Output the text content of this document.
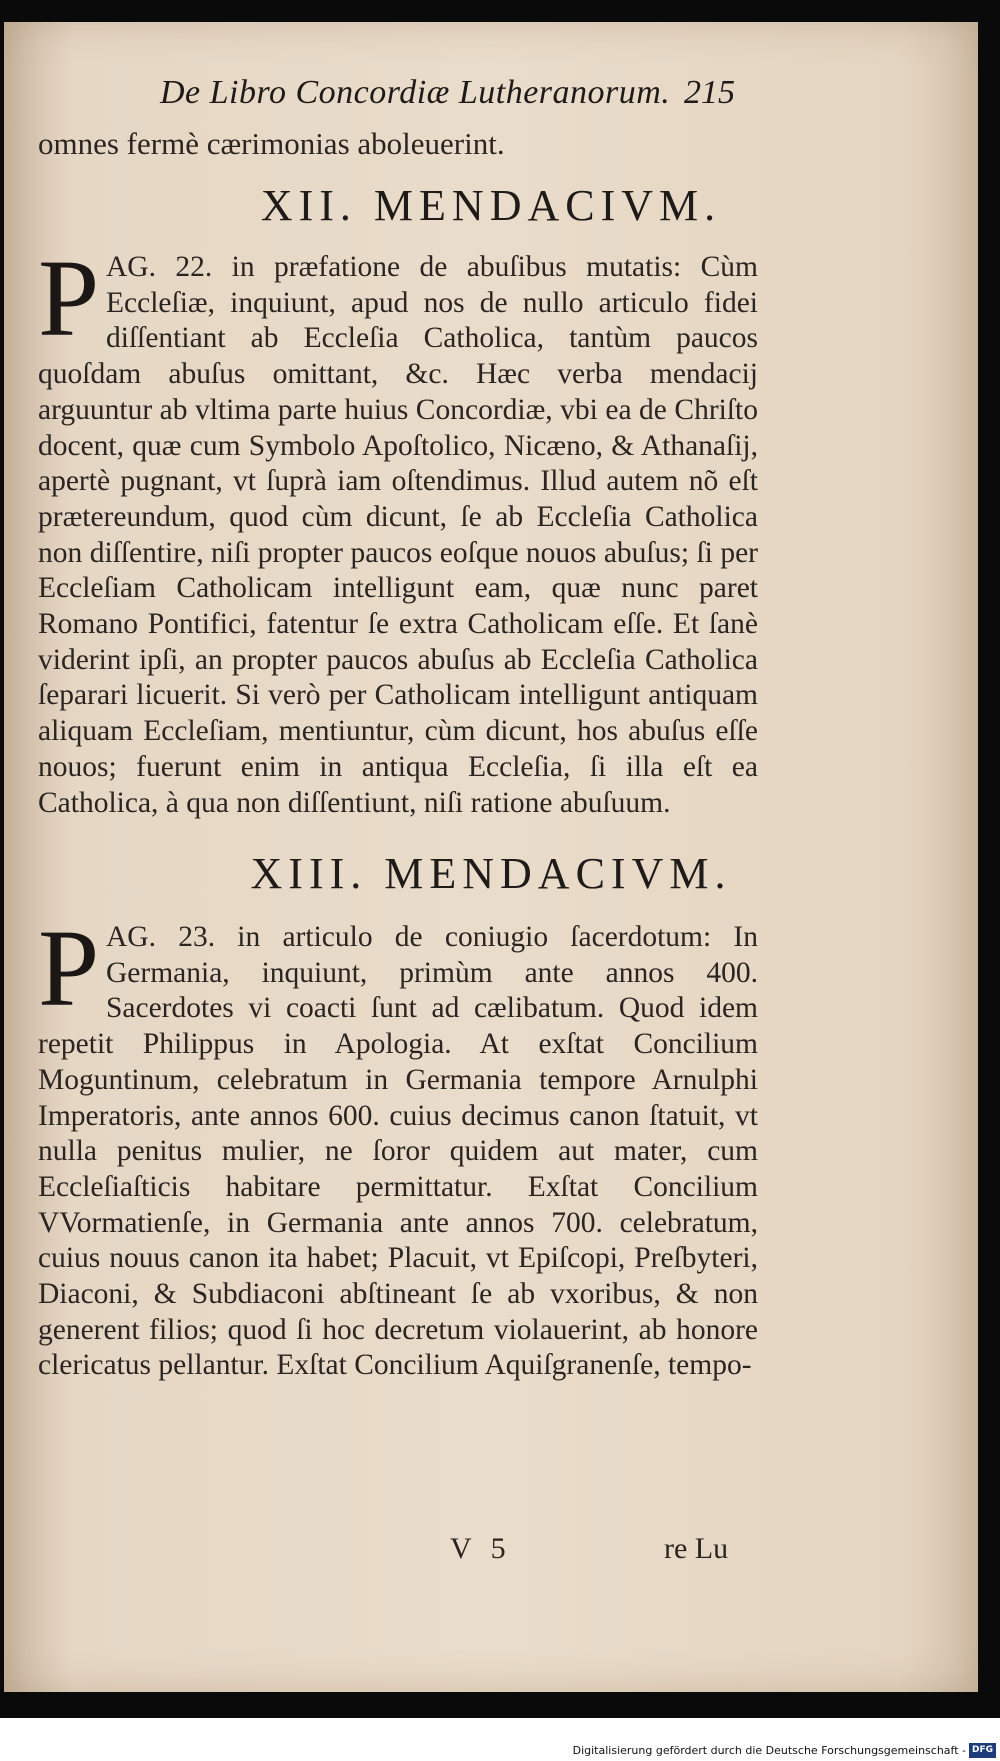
De Libro Concordiæ Lutheranorum. 215
omnes fermè cærimonias aboleuerint.
XII. MENDACIVM.
P AG. 22. in præfatione de abuſibus mutatis: Cùm Eccleſiæ, inquiunt, apud nos de nullo articulo fidei diſſentiant ab Eccleſia Catholica, tantùm paucos quoſdam abuſus omittant, &c. Hæc verba mendacij arguuntur ab vltima parte huius Concordiæ, vbi ea de Chriſto docent, quæ cum Symbolo Apoſtolico, Nicæno, & Athanaſij, apertè pugnant, vt ſuprà iam oſtendimus. Illud autem nõ eſt prætereundum, quod cùm dicunt, ſe ab Eccleſia Catholica non diſſentire, niſi propter paucos eoſque nouos abuſus; ſi per Eccleſiam Catholicam intelligunt eam, quæ nunc paret Romano Pontifici, fatentur ſe extra Catholicam eſſe. Et ſanè viderint ipſi, an propter paucos abuſus ab Eccleſia Catholica ſeparari licuerit. Si verò per Catholicam intelligunt antiquam aliquam Eccleſiam, mentiuntur, cùm dicunt, hos abuſus eſſe nouos; fuerunt enim in antiqua Eccleſia, ſi illa eſt ea Catholica, à qua non diſſentiunt, niſi ratione abuſuum.

XIII. MENDACIVM.
P AG. 23. in articulo de coniugio ſacerdotum: In Germania, inquiunt, primùm ante annos 400. Sacerdotes vi coacti ſunt ad cælibatum. Quod idem repetit Philippus in Apologia. At exſtat Concilium Moguntinum, celebratum in Germania tempore Arnulphi Imperatoris, ante annos 600. cuius decimus canon ſtatuit, vt nulla penitus mulier, ne ſoror quidem aut mater, cum Eccleſiaſticis habitare permittatur. Exſtat Concilium VVormatienſe, in Germania ante annos 700. celebratum, cuius nouus canon ita habet; Placuit, vt Epiſcopi, Preſbyteri, Diaconi, & Subdiaconi abſtineant ſe ab vxoribus, & non generent filios; quod ſi hoc decretum violauerint, ab honore clericatus pellantur. Exſtat Concilium Aquiſgranenſe, tempo-

V 5	re Lu
Digitalisierung gefördert durch die Deutsche Forschungsgemeinschaft - DFG
